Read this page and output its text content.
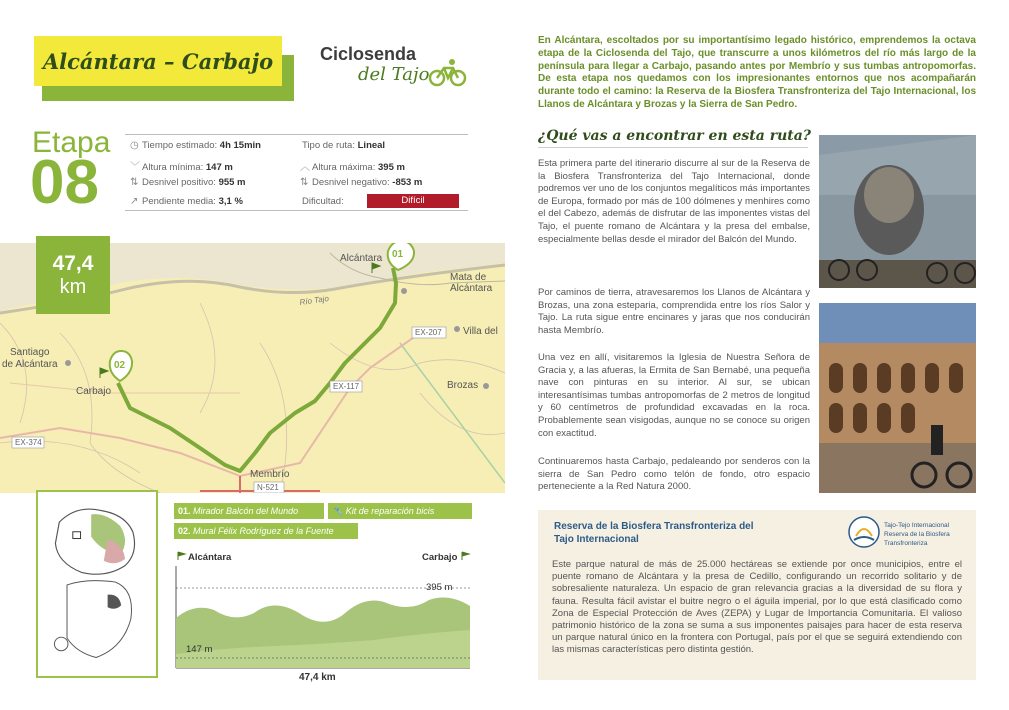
Alcántara – Carbajo	Ciclosenda
del Tajo
Etapa
08
◷ Tiempo estimado: 4h 15min	Tipo de ruta: Lineal
﹀ Altura mínima: 147 m	︿ Altura máxima: 395 m
⇅ Desnivel positivo: 955 m	⇅ Desnivel negativo: -853 m
↗ Pendiente media: 3,1 %	Dificultad:	Difícil
Alcántara
Mata de
Alcántara
Villa del
Santiago
de Alcántara
Carbajo
Brozas
Membrío
Río Tajo
EX-207
EX-117
EX-374
N-521
01
02
47,4
km
01. Mirador Balcón del Mundo	🔧 Kit de reparación bicis
02. Mural Félix Rodríguez de la Fuente
Alcántara	Carbajo
395 m
147 m
47,4 km
En Alcántara, escoltados por su importantísimo legado histórico, emprendemos la octava etapa de la Ciclosenda del Tajo, que transcurre a unos kilómetros del río más largo de la península para llegar a Carbajo, pasando antes por Membrío y sus tumbas antropomorfas. De esta etapa nos quedamos con los impresionantes entornos que nos acompañarán durante todo el camino: la Reserva de la Biosfera Transfronteriza del Tajo Internacional, los Llanos de Alcántara y Brozas y la Sierra de San Pedro.
¿Qué vas a encontrar en esta ruta?
Esta primera parte del itinerario discurre al sur de la Reserva de la Biosfera Transfronteriza del Tajo Internacional, donde podremos ver uno de los conjuntos megalíticos más importantes de Europa, formado por más de 100 dólmenes y menhires como el del Cabezo, además de disfrutar de las imponentes vistas del Tajo, el puente romano de Alcántara y la presa del embalse, especialmente bellas desde el mirador del Balcón del Mundo.
Por caminos de tierra, atravesaremos los Llanos de Alcántara y Brozas, una zona esteparia, comprendida entre los ríos Salor y Tajo. La ruta sigue entre encinares y jaras que nos conducirán hasta Membrío.
Una vez en allí, visitaremos la Iglesia de Nuestra Señora de Gracia y, a las afueras, la Ermita de San Bernabé, una pequeña nave con pinturas en su interior. Al sur, se ubican interesantísimas tumbas antropomorfas de 2 metros de longitud y 60 centímetros de profundidad excavadas en la roca. Probablemente sean visigodas, aunque no se conoce su origen con exactitud.
Continuaremos hasta Carbajo, pedaleando por senderos con la sierra de San Pedro como telón de fondo, otro espacio perteneciente a la Red Natura 2000.
Reserva de la Biosfera Transfronteriza del Tajo Internacional
Tajo-Tejo Internacional
Reserva de la Biosfera
Transfronteriza
Este parque natural de más de 25.000 hectáreas se extiende por once municipios, entre el puente romano de Alcántara y la presa de Cedillo, configurando un recorrido solitario y de sobresaliente naturaleza. Un espacio de gran relevancia gracias a la diversidad de su flora y fauna. Resulta fácil avistar el buitre negro o el águila imperial, por lo que está clasificado como Zona de Especial Protección de Aves (ZEPA) y Lugar de Importancia Comunitaria. El valioso patrimonio histórico de la zona se suma a sus imponentes paisajes para hacer de esta reserva un parque natural único en la frontera con Portugal, país por el que se seguirá extendiendo con las mismas características pero distinta gestión.
